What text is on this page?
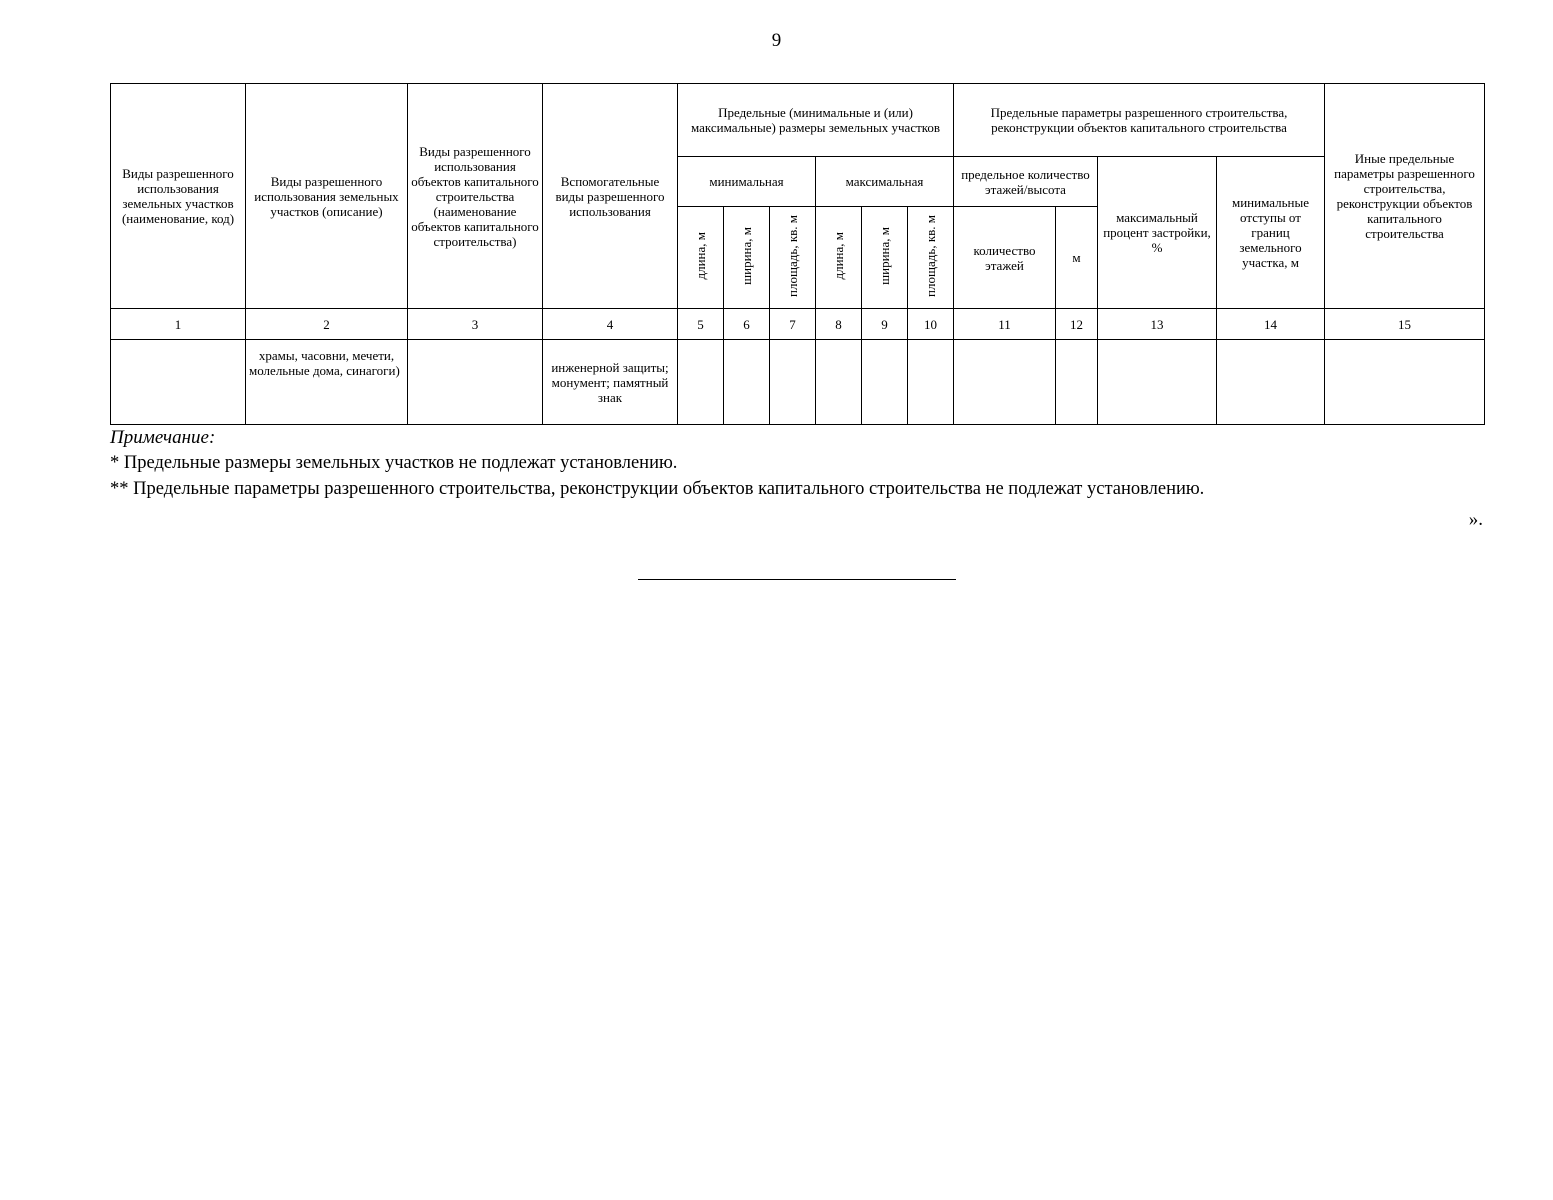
9
Виды разрешенного использования земельных участков (наименование, код)	Виды разрешенного использования земельных участков (описание)	Виды разрешенного использования объектов капитального строительства (наименование объектов капитального строительства)	Вспомогательные виды разрешенного использования	Предельные (минимальные и (или) максимальные) размеры земельных участков						Предельные параметры разрешенного строительства, реконструкции объектов капитального строительства				Иные предельные параметры разрешенного строительства, реконструкции объектов капитального строительства
				минимальная			максимальная			предельное количество этажей/высота		максимальный процент застройки, %	минимальные отступы от границ земельного участка, м	
				длина, м	ширина, м	площадь, кв. м	длина, м	ширина, м	площадь, кв. м	количество этажей	м			
1	2	3	4	5	6	7	8	9	10	11	12	13	14	15
	храмы, часовни, мечети, молельные дома, синагоги)		инженерной защиты; монумент; памятный знак											
Примечание:
* Предельные размеры земельных участков не подлежат установлению.
** Предельные параметры разрешенного строительства, реконструкции объектов капитального строительства не подлежат установлению.
».
